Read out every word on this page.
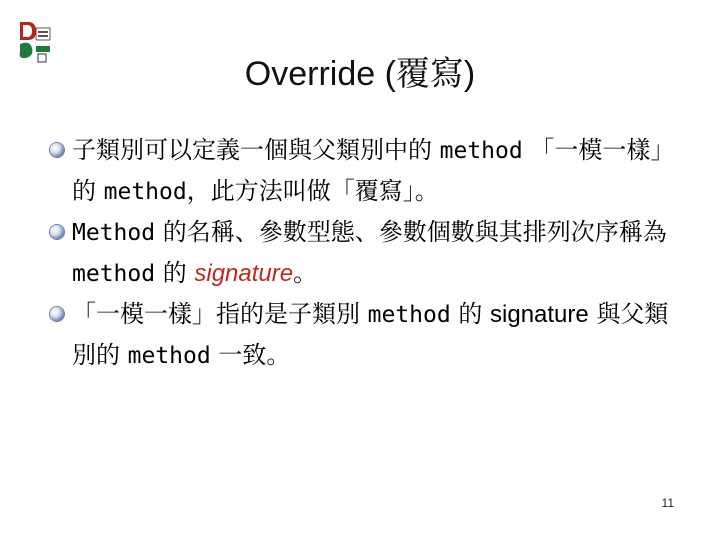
Override (覆寫)
子類別可以定義一個與父類別中的 method 「一模一樣」的 method，此方法叫做「覆寫」。
Method 的名稱、參數型態、參數個數與其排列次序稱為 method 的 signature。
「一模一樣」指的是子類別 method 的 signature 與父類別的 method 一致。
11
